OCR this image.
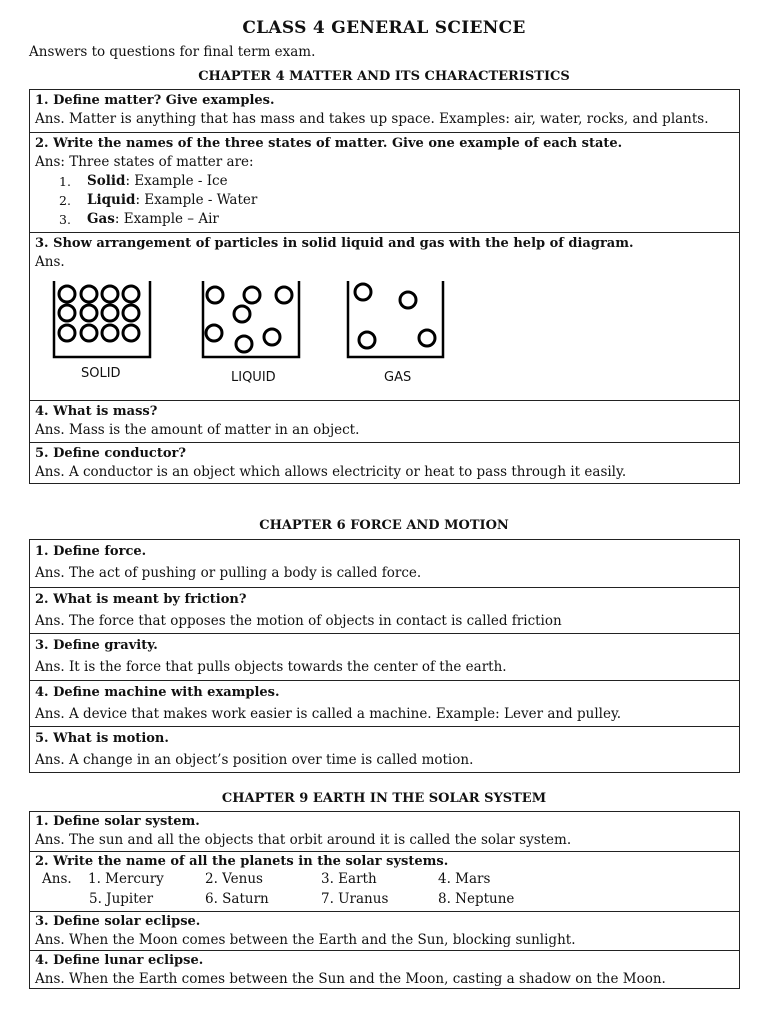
CLASS 4 GENERAL SCIENCE
Answers to questions for final term exam.
CHAPTER 4 MATTER AND ITS CHARACTERISTICS
1. Define matter? Give examples.
Ans. Matter is anything that has mass and takes up space. Examples: air, water, rocks, and plants.
2. Write the names of the three states of matter. Give one example of each state.
Ans: Three states of matter are:
1.	Solid: Example - Ice
2.	Liquid: Example - Water
3.	Gas: Example – Air
3. Show arrangement of particles in solid liquid and gas with the help of diagram.
Ans.
SOLID	LIQUID	GAS
4. What is mass?
Ans. Mass is the amount of matter in an object.
5. Define conductor?
Ans. A conductor is an object which allows electricity or heat to pass through it easily.
CHAPTER 6 FORCE AND MOTION
1. Define force.
Ans. The act of pushing or pulling a body is called force.
2. What is meant by friction?
Ans. The force that opposes the motion of objects in contact is called friction
3. Define gravity.
Ans. It is the force that pulls objects towards the center of the earth.
4. Define machine with examples.
Ans. A device that makes work easier is called a machine. Example: Lever and pulley.
5. What is motion.
Ans. A change in an object’s position over time is called motion.
CHAPTER 9 EARTH IN THE SOLAR SYSTEM
1. Define solar system.
Ans. The sun and all the objects that orbit around it is called the solar system.
2. Write the name of all the planets in the solar systems.
Ans. 1. Mercury	2. Venus	3. Earth	4. Mars
5. Jupiter	6. Saturn	7. Uranus	8. Neptune
3. Define solar eclipse.
Ans. When the Moon comes between the Earth and the Sun, blocking sunlight.
4. Define lunar eclipse.
Ans. When the Earth comes between the Sun and the Moon, casting a shadow on the Moon.
